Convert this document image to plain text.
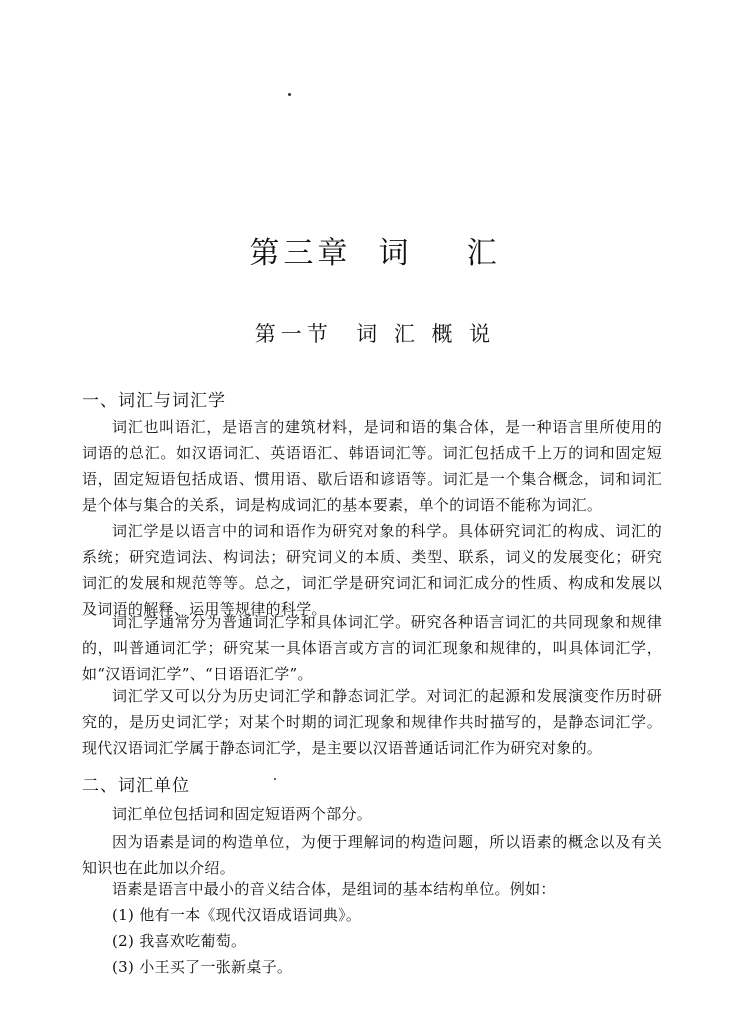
第三章  词    汇
第一节  词 汇 概 说
一、词汇与词汇学
词汇也叫语汇，是语言的建筑材料，是词和语的集合体，是一种语言里所使用的词语的总汇。如汉语词汇、英语语汇、韩语词汇等。词汇包括成千上万的词和固定短语，固定短语包括成语、惯用语、歇后语和谚语等。词汇是一个集合概念，词和词汇是个体与集合的关系，词是构成词汇的基本要素，单个的词语不能称为词汇。
词汇学是以语言中的词和语作为研究对象的科学。具体研究词汇的构成、词汇的系统；研究造词法、构词法；研究词义的本质、类型、联系，词义的发展变化；研究词汇的发展和规范等等。总之，词汇学是研究词汇和词汇成分的性质、构成和发展以及词语的解释、运用等规律的科学。
词汇学通常分为普通词汇学和具体词汇学。研究各种语言词汇的共同现象和规律的，叫普通词汇学；研究某一具体语言或方言的词汇现象和规律的，叫具体词汇学，如“汉语词汇学”、“日语语汇学”。
词汇学又可以分为历史词汇学和静态词汇学。对词汇的起源和发展演变作历时研究的，是历史词汇学；对某个时期的词汇现象和规律作共时描写的，是静态词汇学。现代汉语词汇学属于静态词汇学，是主要以汉语普通话词汇作为研究对象的。
二、词汇单位
词汇单位包括词和固定短语两个部分。
因为语素是词的构造单位，为便于理解词的构造问题，所以语素的概念以及有关知识也在此加以介绍。
语素是语言中最小的音义结合体，是组词的基本结构单位。例如：
(1) 他有一本《现代汉语成语词典》。
(2) 我喜欢吃葡萄。
(3) 小王买了一张新桌子。
